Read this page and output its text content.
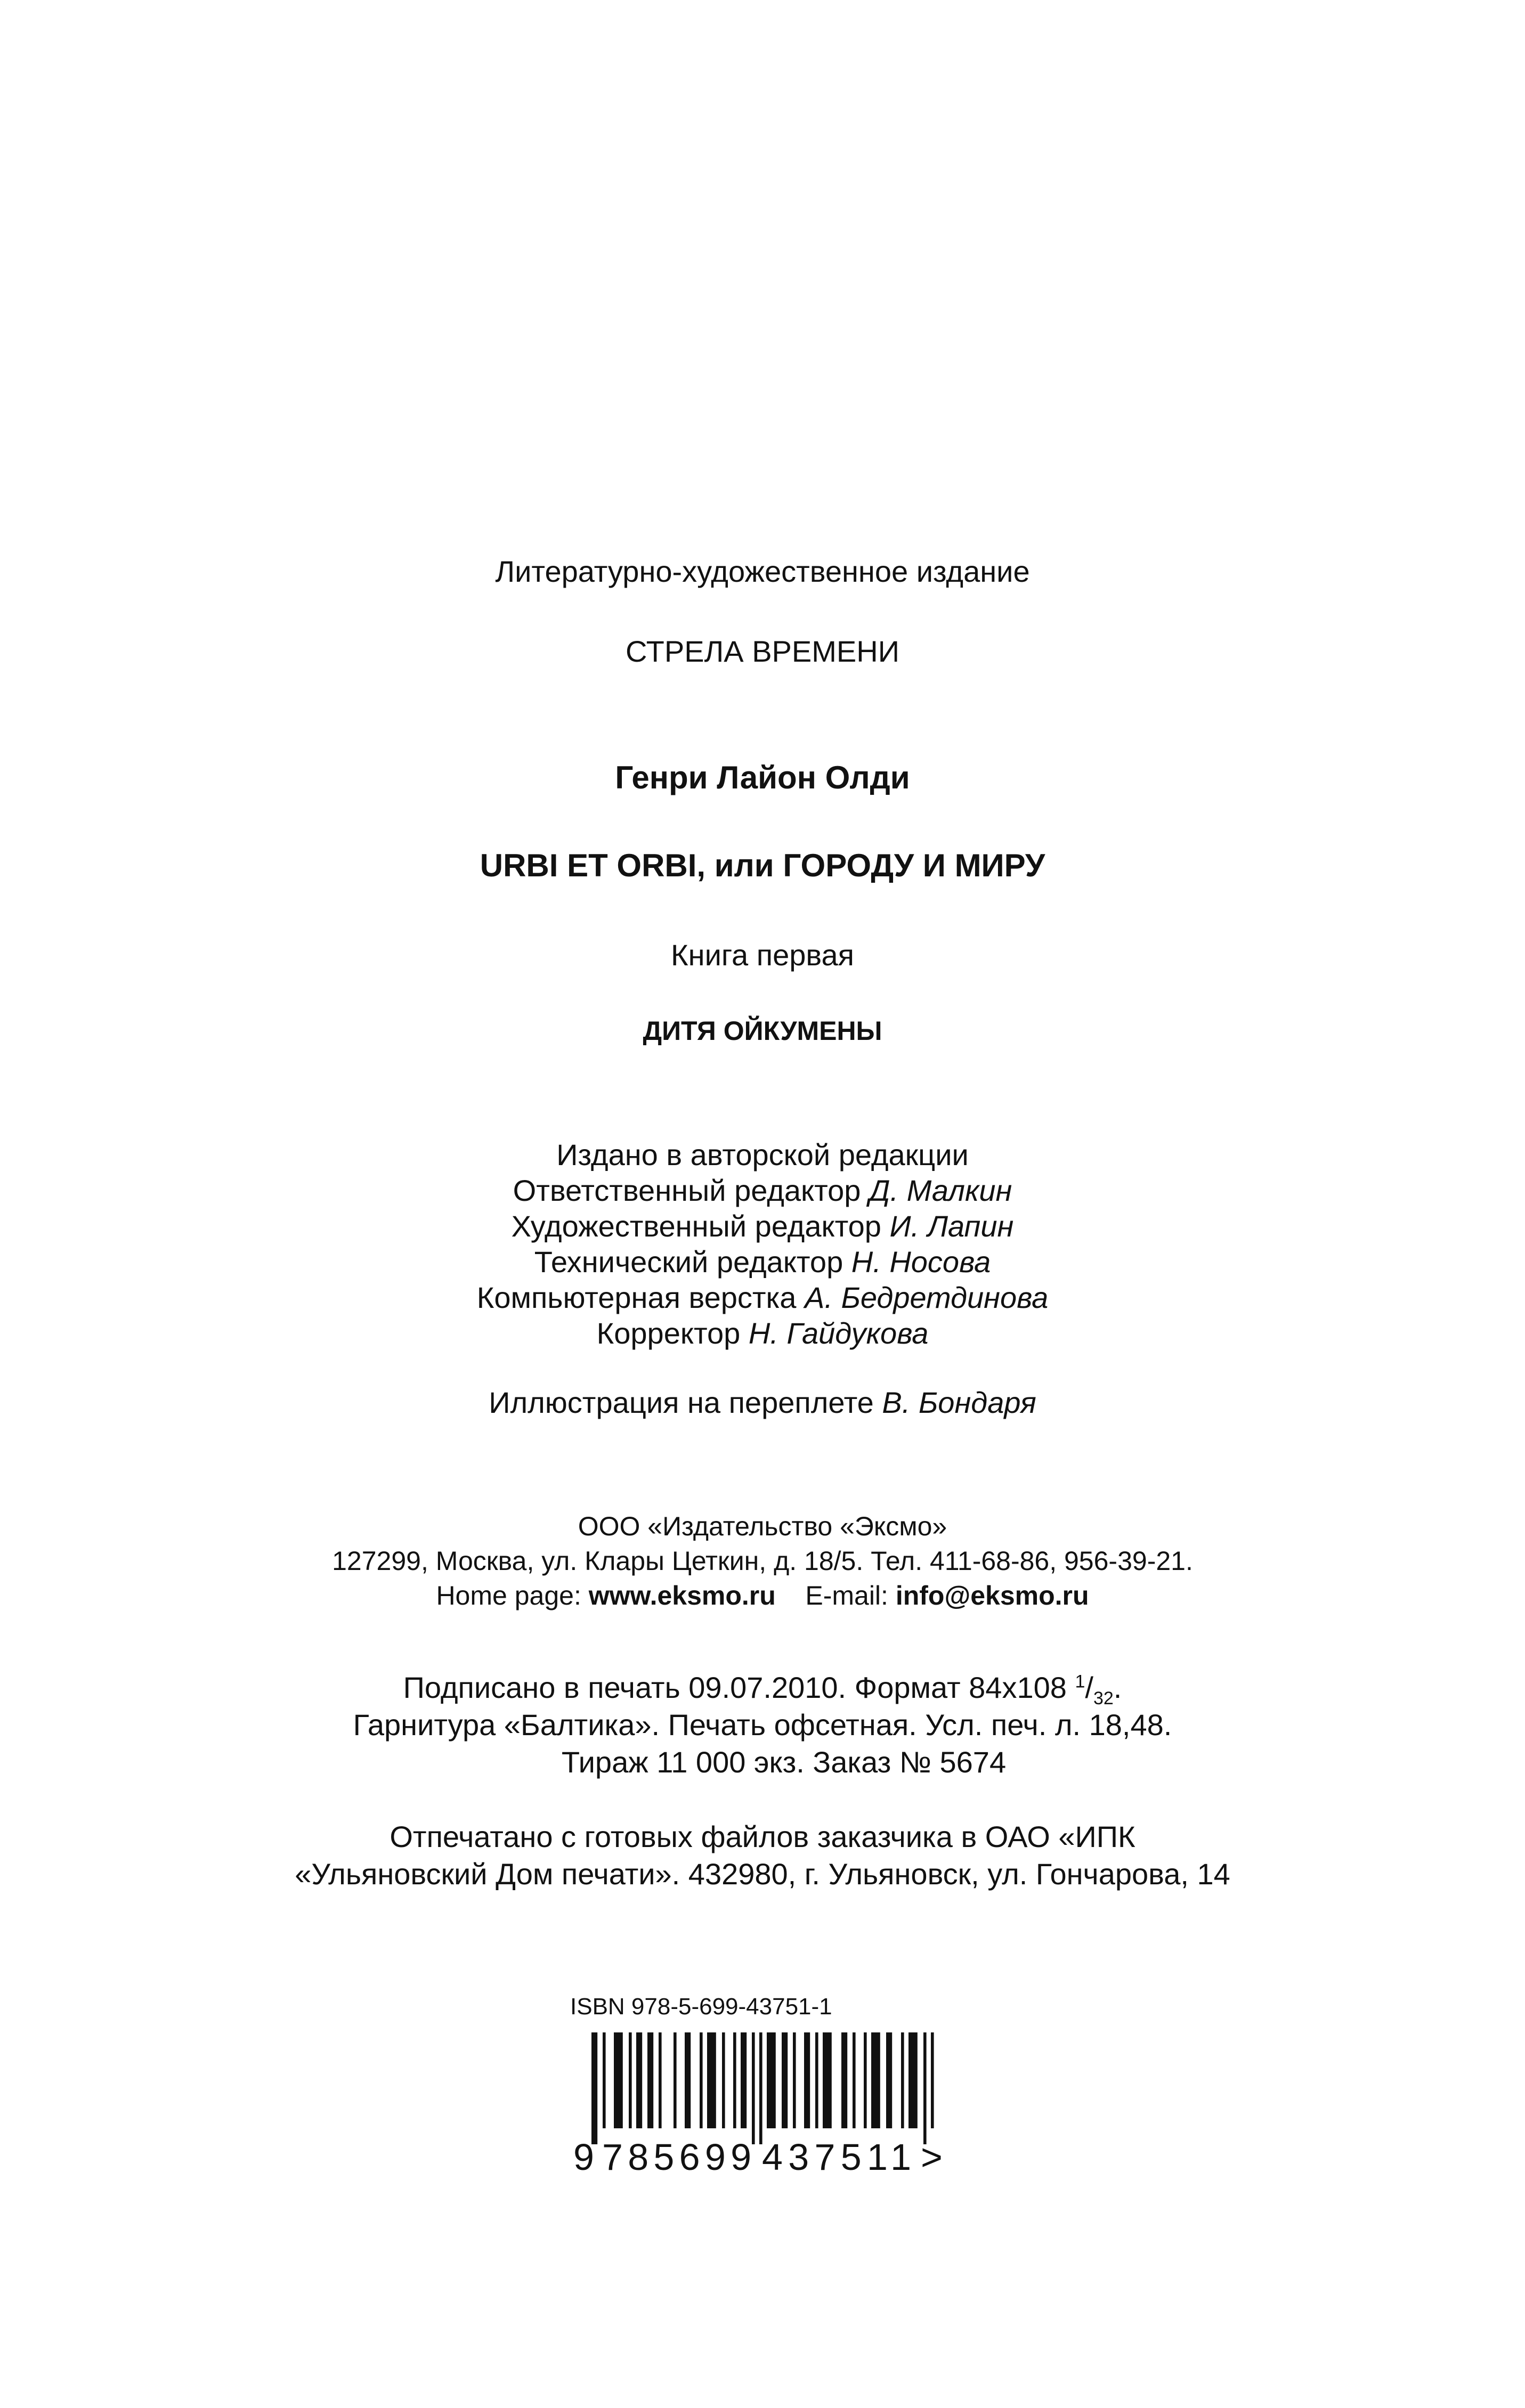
Литературно-художественное издание
СТРЕЛА ВРЕМЕНИ
Генри Лайон Олди
URBI ET ORBI, или ГОРОДУ И МИРУ
Книга первая
ДИТЯ ОЙКУМЕНЫ
Издано в авторской редакции
Ответственный редактор Д. Малкин
Художественный редактор И. Лапин
Технический редактор Н. Носова
Компьютерная верстка А. Бедретдинова
Корректор Н. Гайдукова
Иллюстрация на переплете В. Бондаря
ООО «Издательство «Эксмо»
127299, Москва, ул. Клары Цеткин, д. 18/5. Тел. 411-68-86, 956-39-21.
Home page: www.eksmo.ru E-mail: info@eksmo.ru
Подписано в печать 09.07.2010. Формат 84x108 $^1/_{32}$.
Гарнитура «Балтика». Печать офсетная. Усл. печ. л. 18,48.
Тираж 11 000 экз. Заказ № 5674
Отпечатано с готовых файлов заказчика в ОАО «ИПК
«Ульяновский Дом печати». 432980, г. Ульяновск, ул. Гончарова, 14
ISBN 978-5-699-43751-1
9 785699 437511 >
